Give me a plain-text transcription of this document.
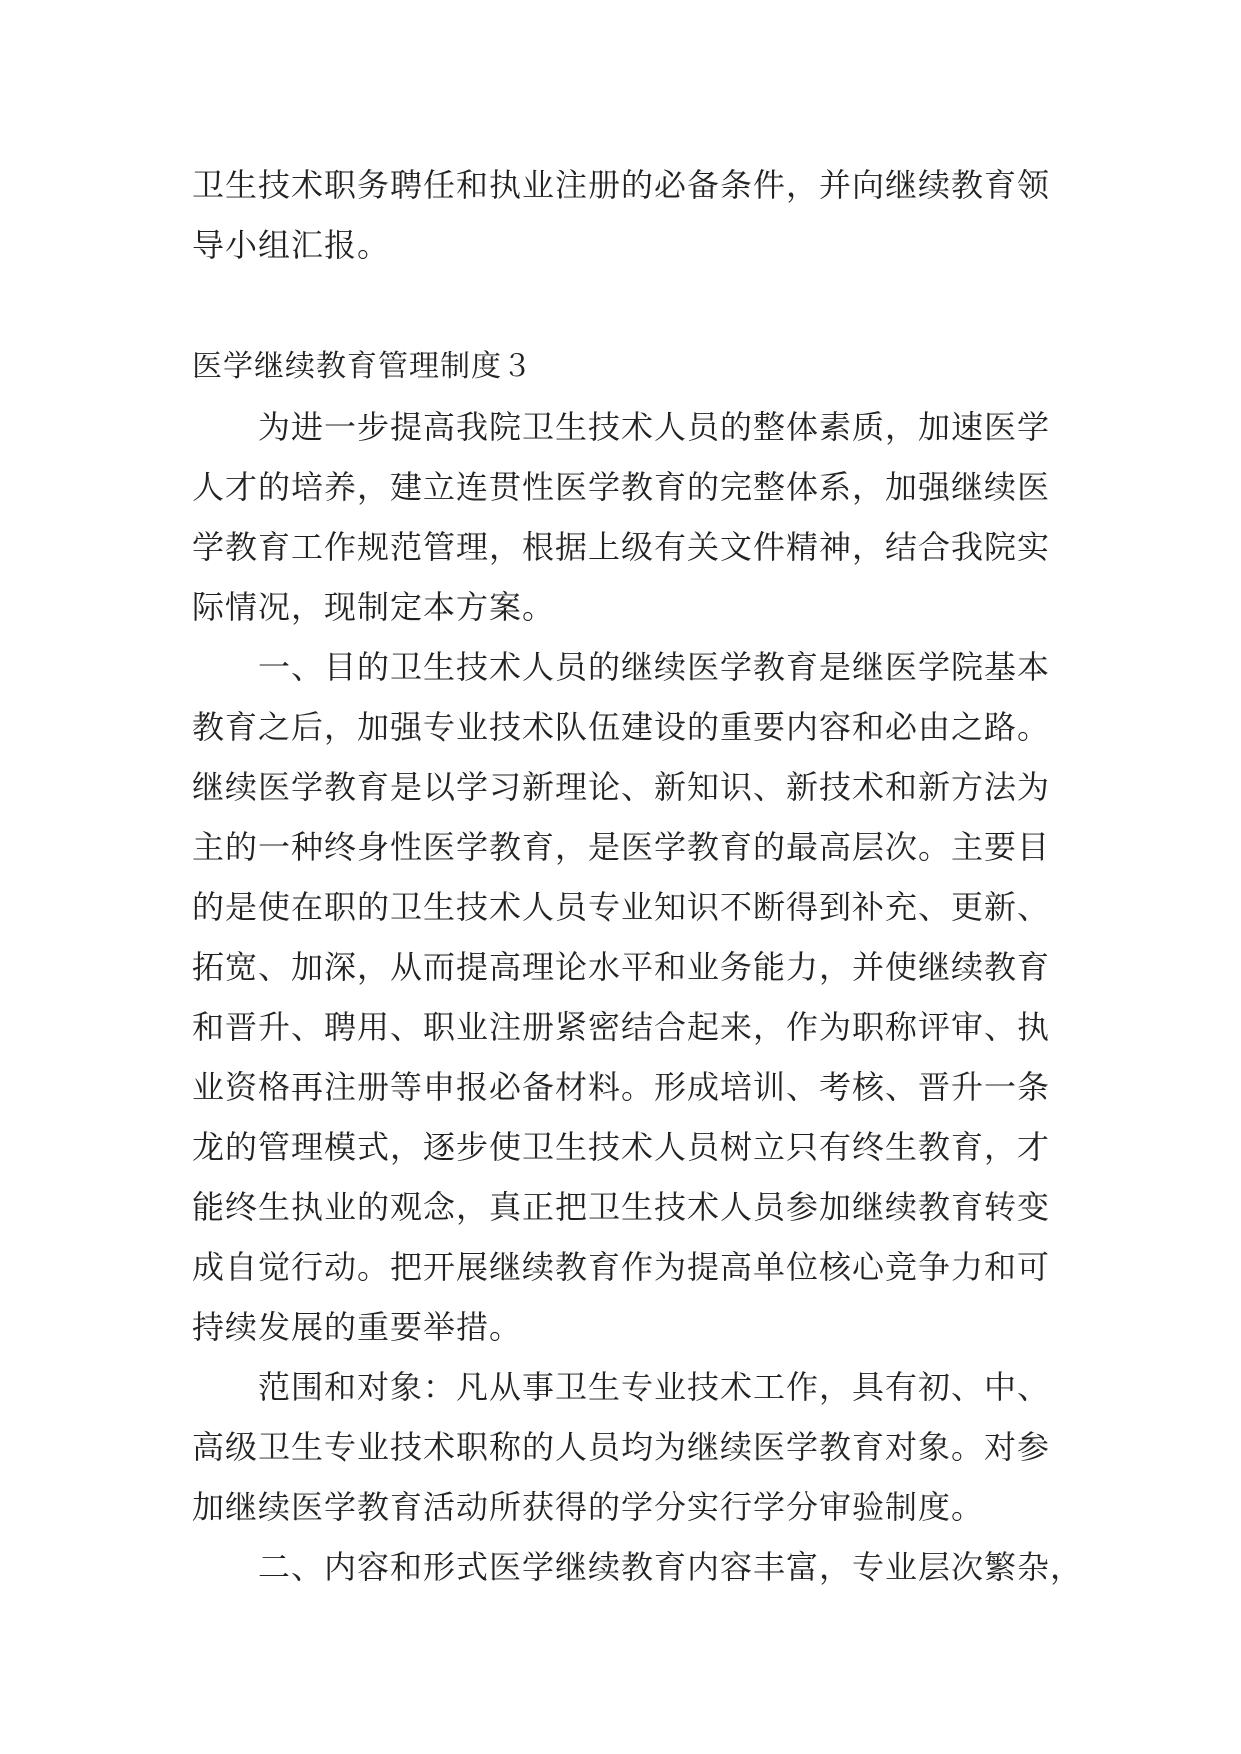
卫生技术职务聘任和执业注册的必备条件，并向继续教育领
导小组汇报。
医学继续教育管理制度３
　　为进一步提高我院卫生技术人员的整体素质，加速医学
人才的培养，建立连贯性医学教育的完整体系，加强继续医
学教育工作规范管理，根据上级有关文件精神，结合我院实
际情况，现制定本方案。
　　一、目的卫生技术人员的继续医学教育是继医学院基本
教育之后，加强专业技术队伍建设的重要内容和必由之路。
继续医学教育是以学习新理论、新知识、新技术和新方法为
主的一种终身性医学教育，是医学教育的最高层次。主要目
的是使在职的卫生技术人员专业知识不断得到补充、更新、
拓宽、加深，从而提高理论水平和业务能力，并使继续教育
和晋升、聘用、职业注册紧密结合起来，作为职称评审、执
业资格再注册等申报必备材料。形成培训、考核、晋升一条
龙的管理模式，逐步使卫生技术人员树立只有终生教育，才
能终生执业的观念，真正把卫生技术人员参加继续教育转变
成自觉行动。把开展继续教育作为提高单位核心竞争力和可
持续发展的重要举措。
　　范围和对象：凡从事卫生专业技术工作，具有初、中、
高级卫生专业技术职称的人员均为继续医学教育对象。对参
加继续医学教育活动所获得的学分实行学分审验制度。
　　二、内容和形式医学继续教育内容丰富，专业层次繁杂，
